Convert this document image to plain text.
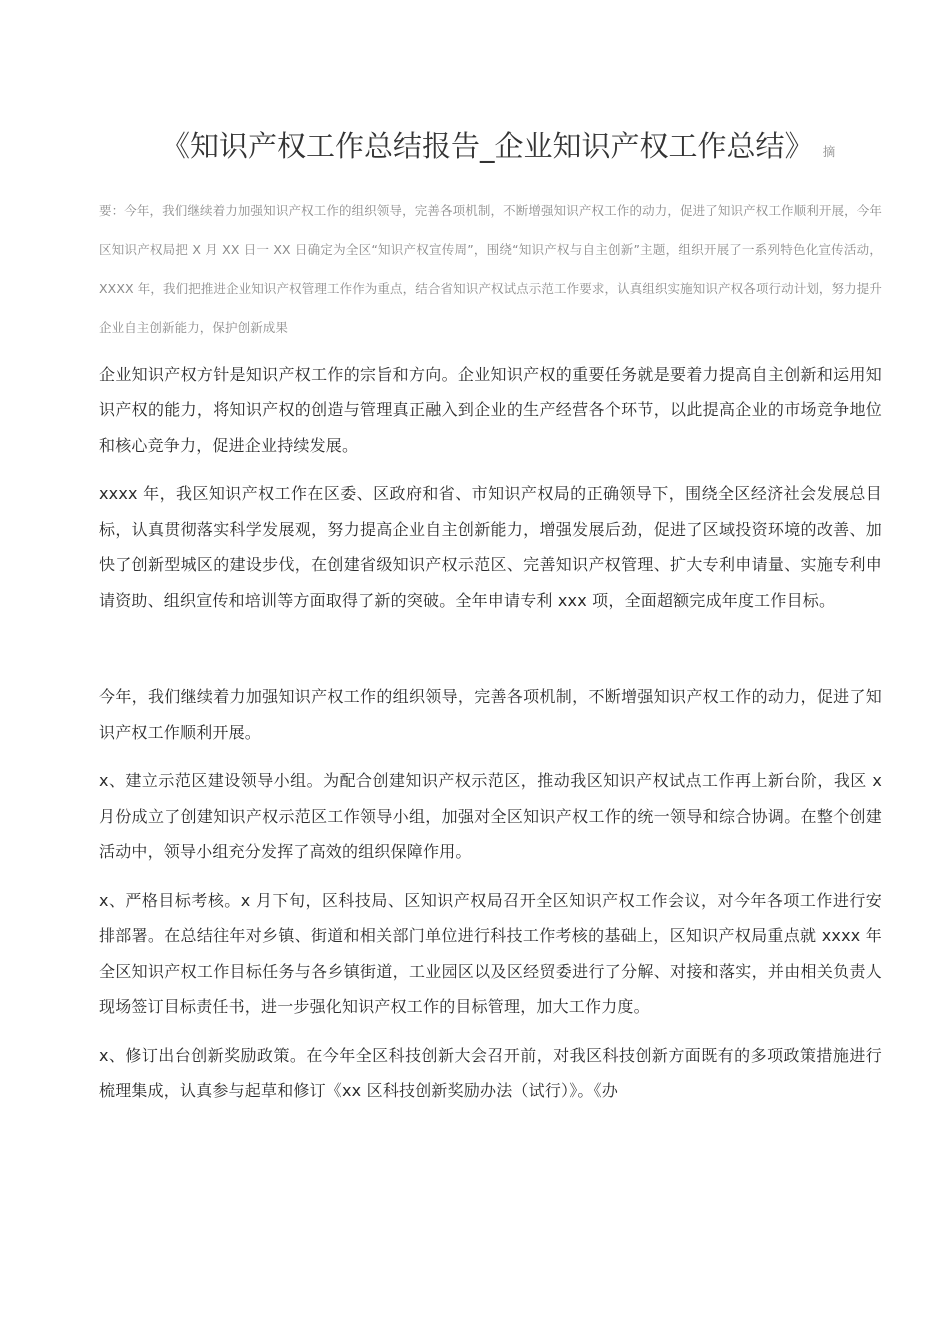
《知识产权工作总结报告_企业知识产权工作总结》 摘

要：今年，我们继续着力加强知识产权工作的组织领导，完善各项机制，不断增强知识产权工作的动力，促进了知识产权工作顺利开展，今年区知识产权局把 X 月 XX 日一 XX 日确定为全区“知识产权宣传周”，围绕“知识产权与自主创新”主题，组织开展了一系列特色化宣传活动， XXXX 年，我们把推进企业知识产权管理工作作为重点，结合省知识产权试点示范工作要求，认真组织实施知识产权各项行动计划，努力提升企业自主创新能力，保护创新成果

企业知识产权方针是知识产权工作的宗旨和方向。企业知识产权的重要任务就是要着力提高自主创新和运用知识产权的能力，将知识产权的创造与管理真正融入到企业的生产经营各个环节，以此提高企业的市场竞争地位和核心竞争力，促进企业持续发展。

xxxx 年，我区知识产权工作在区委、区政府和省、市知识产权局的正确领导下，围绕全区经济社会发展总目标，认真贯彻落实科学发展观，努力提高企业自主创新能力，增强发展后劲，促进了区域投资环境的改善、加快了创新型城区的建设步伐，在创建省级知识产权示范区、完善知识产权管理、扩大专利申请量、实施专利申请资助、组织宣传和培训等方面取得了新的突破。全年申请专利 xxx 项，全面超额完成年度工作目标。

今年，我们继续着力加强知识产权工作的组织领导，完善各项机制，不断增强知识产权工作的动力，促进了知识产权工作顺利开展。

x、建立示范区建设领导小组。为配合创建知识产权示范区，推动我区知识产权试点工作再上新台阶，我区 x 月份成立了创建知识产权示范区工作领导小组，加强对全区知识产权工作的统一领导和综合协调。在整个创建活动中，领导小组充分发挥了高效的组织保障作用。

x、严格目标考核。x 月下旬，区科技局、区知识产权局召开全区知识产权工作会议，对今年各项工作进行安排部署。在总结往年对乡镇、街道和相关部门单位进行科技工作考核的基础上，区知识产权局重点就 xxxx 年全区知识产权工作目标任务与各乡镇街道，工业园区以及区经贸委进行了分解、对接和落实，并由相关负责人现场签订目标责任书，进一步强化知识产权工作的目标管理，加大工作力度。

x、修订出台创新奖励政策。在今年全区科技创新大会召开前，对我区科技创新方面既有的多项政策措施进行梳理集成，认真参与起草和修订《xx 区科技创新奖励办法（试行）》。《办
